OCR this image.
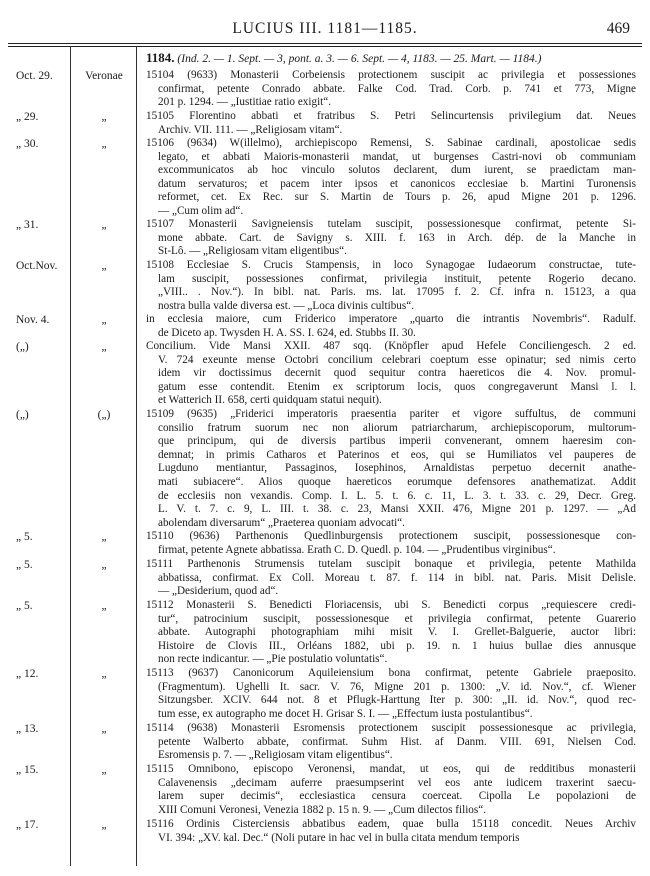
LUCIUS III. 1181—1185.	469
1184. (Ind. 2. — 1. Sept. — 3, pont. a. 3. — 6. Sept. — 4, 1183. — 25. Mart. — 1184.)
Oct. 29.	Veronae	15104 (9633) Monasterii Corbeiensis protectionem suscipit ac privilegia et possessiones
confirmat, petente Conrado abbate. Falke Cod. Trad. Corb. p. 741 et 773, Migne
201 p. 1294. — „Iustitiae ratio exigit“.
„ 29.	„	15105 Florentino abbati et fratribus S. Petri Selincurtensis privilegium dat. Neues
Archiv. VII. 111. — „Religiosam vitam“.
„ 30.	„	15106 (9634) W(illelmo), archiepiscopo Remensi, S. Sabinae cardinali, apostolicae sedis
legato, et abbati Maioris-monasterii mandat, ut burgenses Castri-novi ob communiam
excommunicatos ab hoc vinculo solutos declarent, dum iurent, se praedictam man-
datum servaturos; et pacem inter ipsos et canonicos ecclesiae b. Martini Turonensis
reformet, cet. Ex Rec. sur S. Martin de Tours p. 26, apud Migne 201 p. 1296.
— „Cum olim ad“.
„ 31.	„	15107 Monasterii Savigneiensis tutelam suscipit, possessionesque confirmat, petente Si-
mone abbate. Cart. de Savigny s. XIII. f. 163 in Arch. dép. de la Manche in
St-Lô. — „Religiosam vitam eligentibus“.
Oct.Nov.	„	15108 Ecclesiae S. Crucis Stampensis, in loco Synagogae Iudaeorum constructae, tute-
lam suscipit, possessiones confirmat, privilegia instituit, petente Rogerio decano.
„VIII.. . Nov.“). In bibl. nat. Paris. ms. lat. 17095 f. 2. Cf. infra n. 15123, a qua
nostra bulla valde diversa est. — „Loca divinis cultibus“.
Nov. 4.	„	in ecclesia maiore, cum Friderico imperatore „quarto die intrantis Novembris“. Radulf.
de Diceto ap. Twysden H. A. SS. I. 624, ed. Stubbs II. 30.
(„)	„	Concilium. Vide Mansi XXII. 487 sqq. (Knöpfler apud Hefele Conciliengesch. 2 ed.
V. 724 exeunte mense Octobri concilium celebrari coeptum esse opinatur; sed nimis certo
idem vir doctissimus decernit quod sequitur contra haereticos die 4. Nov. promul-
gatum esse contendit. Etenim ex scriptorum locis, quos congregaverunt Mansi l. l.
et Watterich II. 658, certi quidquam statui nequit).
(„)	(„)	15109 (9635) „Friderici imperatoris praesentia pariter et vigore suffultus, de communi
consilio fratrum suorum nec non aliorum patriarcharum, archiepiscoporum, multorum-
que principum, qui de diversis partibus imperii convenerant, omnem haeresim con-
demnat; in primis Catharos et Paterinos et eos, qui se Humiliatos vel pauperes de
Lugduno mentiantur, Passaginos, Iosephinos, Arnaldistas perpetuo decernit anathe-
mati subiacere“. Alios quoque haereticos eorumque defensores anathematizat. Addit
de ecclesiis non vexandis. Comp. I. L. 5. t. 6. c. 11, L. 3. t. 33. c. 29, Decr. Greg.
L. V. t. 7. c. 9, L. III. t. 38. c. 23, Mansi XXII. 476, Migne 201 p. 1297. — „Ad
abolendam diversarum“ „Praeterea quoniam advocati“.
„ 5.	„	15110 (9636) Parthenonis Quedlinburgensis protectionem suscipit, possessionesque con-
firmat, petente Agnete abbatissa. Erath C. D. Quedl. p. 104. — „Prudentibus virginibus“.
„ 5.	„	15111 Parthenonis Strumensis tutelam suscipit bonaque et privilegia, petente Mathilda
abbatissa, confirmat. Ex Coll. Moreau t. 87. f. 114 in bibl. nat. Paris. Misit Delisle.
— „Desiderium, quod ad“.
„ 5.	„	15112 Monasterii S. Benedicti Floriacensis, ubi S. Benedicti corpus „requiescere credi-
tur“, patrocinium suscipit, possessionesque et privilegia confirmat, petente Guarerio
abbate. Autographi photographiam mihi misit V. I. Grellet-Balguerie, auctor libri:
Histoire de Clovis III., Orléans 1882, ubi p. 19. n. 1 huius bullae dies annusque
non recte indicantur. — „Pie postulatio voluntatis“.
„ 12.	„	15113 (9637) Canonicorum Aquileiensium bona confirmat, petente Gabriele praeposito.
(Fragmentum). Ughelli It. sacr. V. 76, Migne 201 p. 1300: „V. id. Nov.“, cf. Wiener
Sitzungsber. XCIV. 644 not. 8 et Pflugk-Harttung Iter p. 300: „II. id. Nov.“, quod rec-
tum esse, ex autographo me docet H. Grisar S. I. — „Effectum iusta postulantibus“.
„ 13.	„	15114 (9638) Monasterii Esromensis protectionem suscipit possessionesque ac privilegia,
petente Walberto abbate, confirmat. Suhm Hist. af Danm. VIII. 691, Nielsen Cod.
Esromensis p. 7. — „Religiosam vitam eligentibus“.
„ 15.	„	15115 Omnibono, episcopo Veronensi, mandat, ut eos, qui de redditibus monasterii
Calavenensis „decimam auferre praesumpserint vel eos ante iudicem traxerint saecu-
larem super decimis“, ecclesiastica censura coerceat. Cipolla Le popolazioni de
XIII Comuni Veronesi, Venezia 1882 p. 15 n. 9. — „Cum dilectos filios“.
„ 17.	„	15116 Ordinis Cisterciensis abbatibus eadem, quae bulla 15118 concedit. Neues Archiv
VI. 394: „XV. kal. Dec.“ (Noli putare in hac vel in bulla citata mendum temporis
